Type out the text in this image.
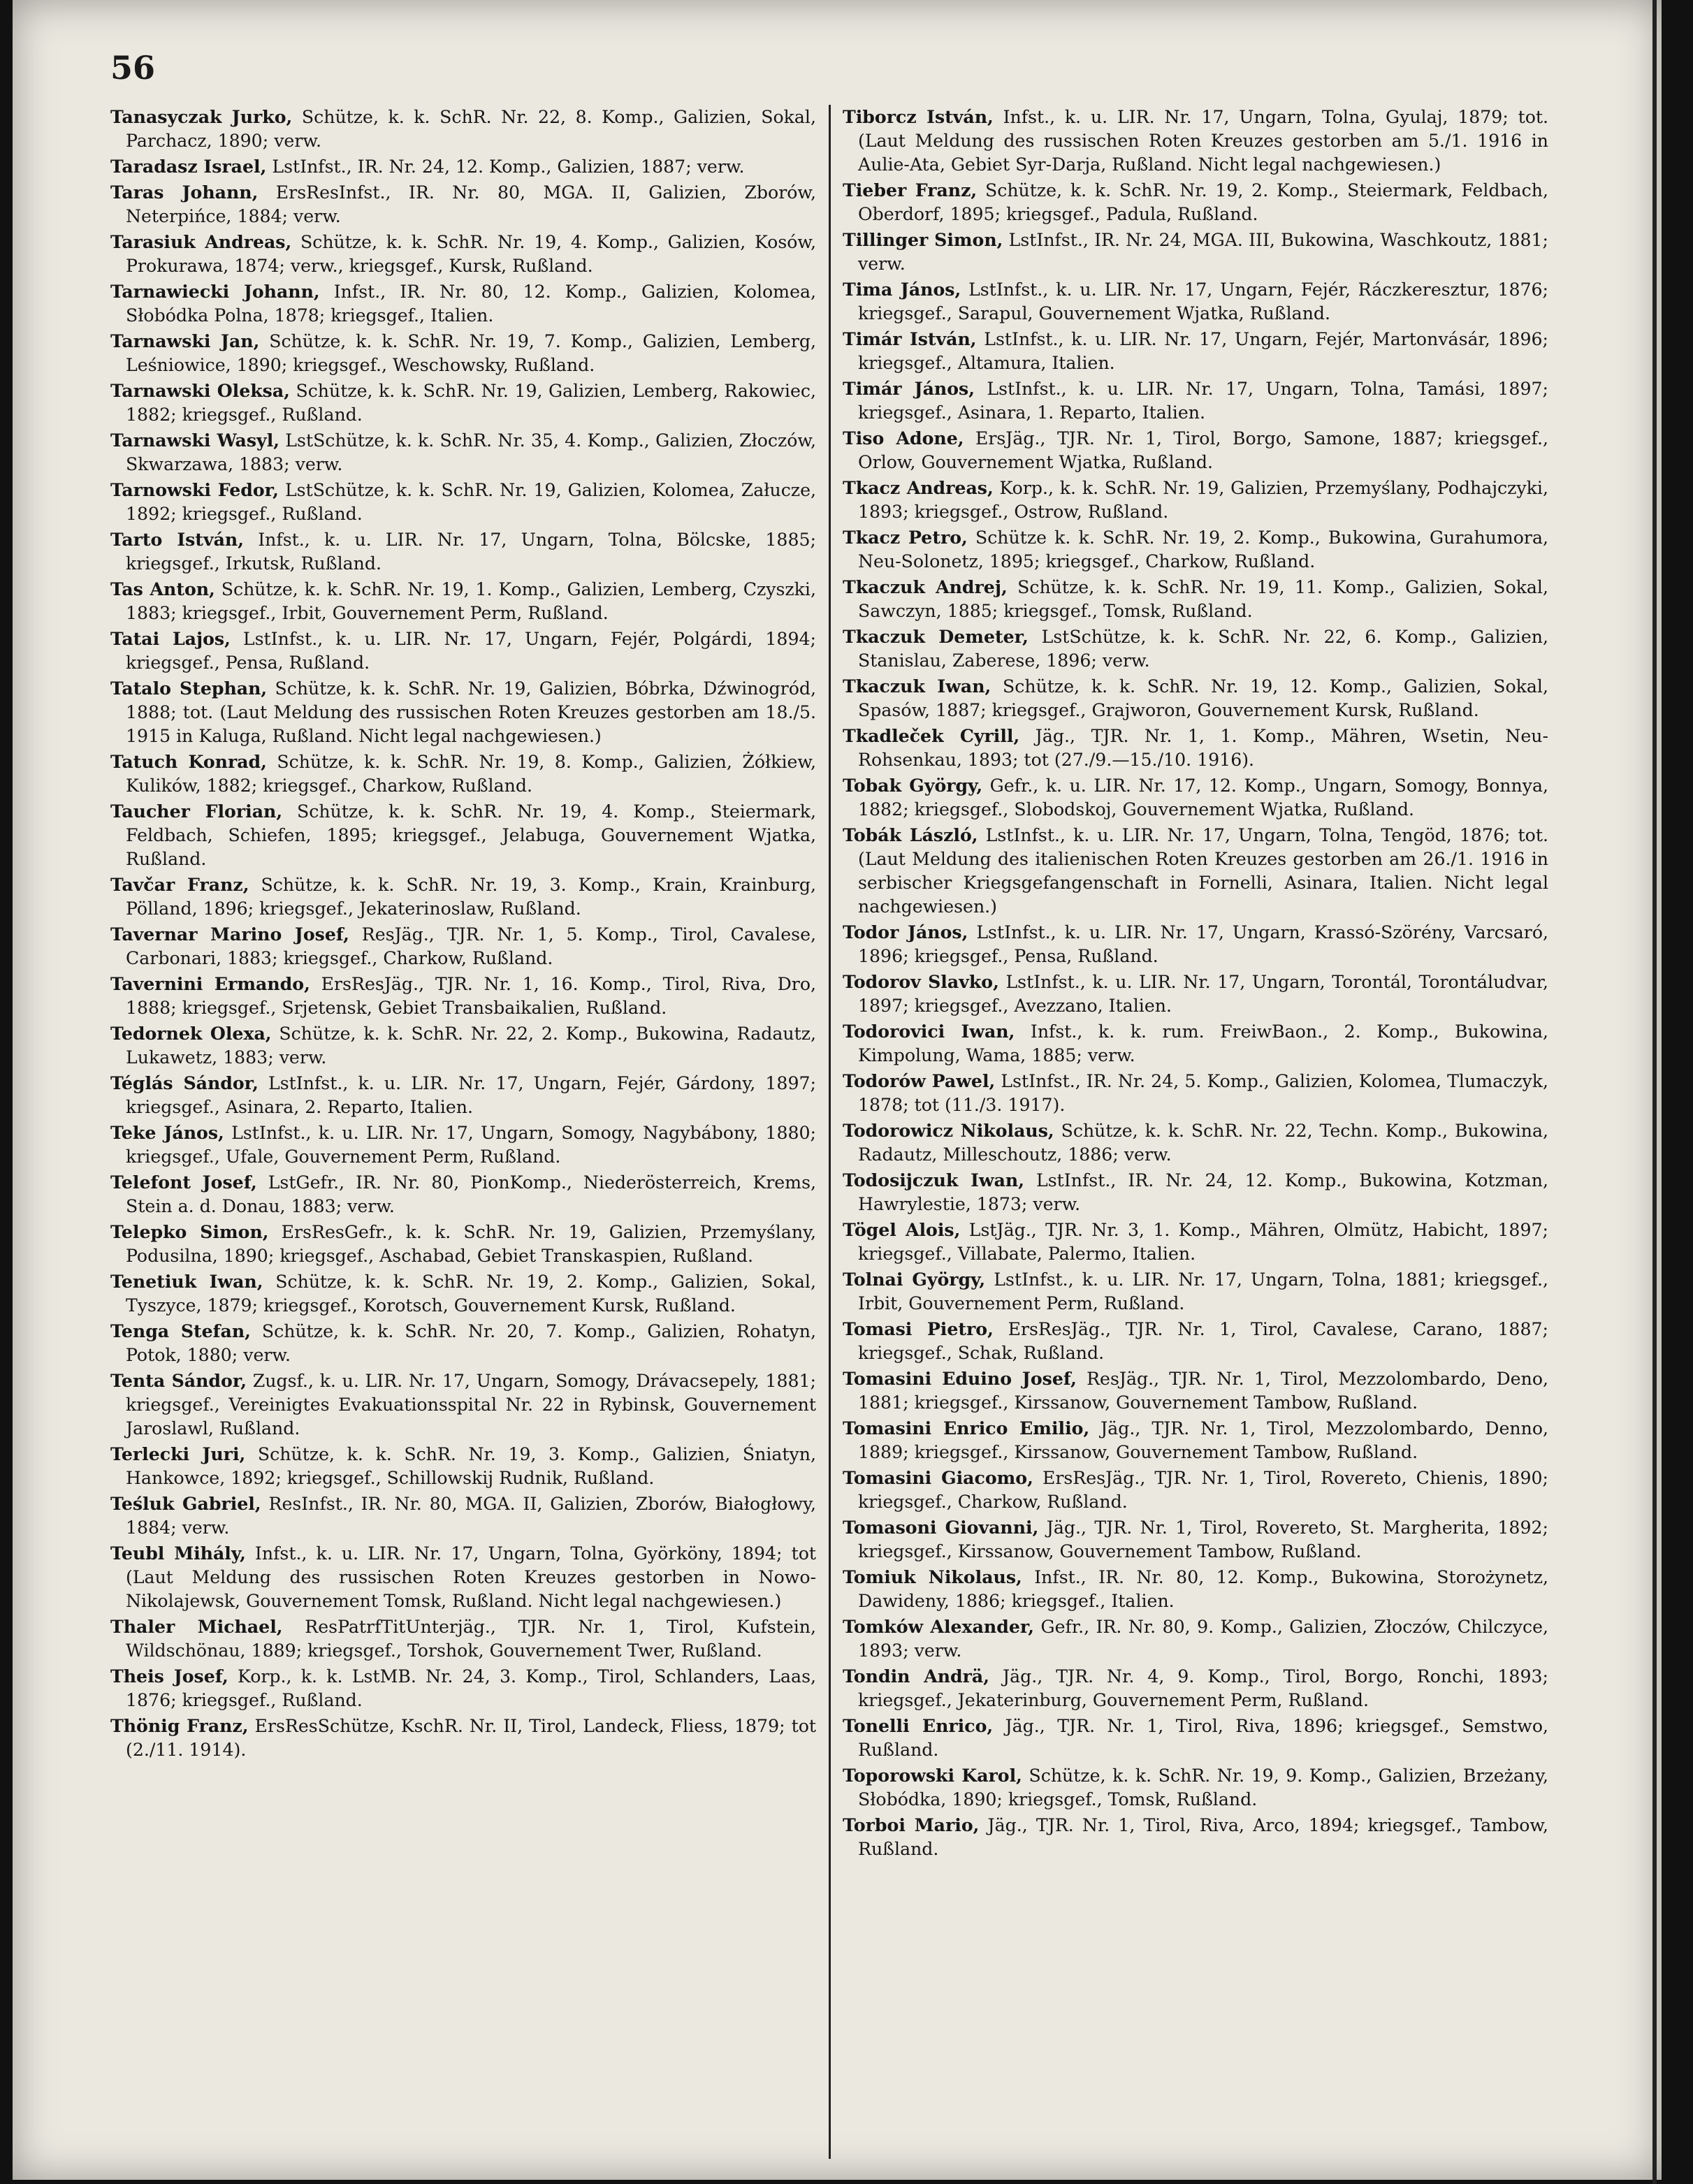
56

Tanasyczak Jurko, Schütze, k. k. SchR. Nr. 22, 8. Komp., Galizien, Sokal, Parchacz, 1890; verw.

Taradasz Israel, LstInfst., IR. Nr. 24, 12. Komp., Galizien, 1887; verw.

Taras Johann, ErsResInfst., IR. Nr. 80, MGA. II, Galizien, Zborów, Neterpińce, 1884; verw.

Tarasiuk Andreas, Schütze, k. k. SchR. Nr. 19, 4. Komp., Galizien, Kosów, Prokurawa, 1874; verw., kriegsgef., Kursk, Rußland.

Tarnawiecki Johann, Infst., IR. Nr. 80, 12. Komp., Galizien, Kolomea, Słobódka Polna, 1878; kriegsgef., Italien.

Tarnawski Jan, Schütze, k. k. SchR. Nr. 19, 7. Komp., Galizien, Lemberg, Leśniowice, 1890; kriegsgef., Weschowsky, Rußland.

Tarnawski Oleksa, Schütze, k. k. SchR. Nr. 19, Galizien, Lemberg, Rakowiec, 1882; kriegsgef., Rußland.

Tarnawski Wasyl, LstSchütze, k. k. SchR. Nr. 35, 4. Komp., Galizien, Złoczów, Skwarzawa, 1883; verw.

Tarnowski Fedor, LstSchütze, k. k. SchR. Nr. 19, Galizien, Kolomea, Załucze, 1892; kriegsgef., Rußland.

Tarto István, Infst., k. u. LIR. Nr. 17, Ungarn, Tolna, Bölcske, 1885; kriegsgef., Irkutsk, Rußland.

Tas Anton, Schütze, k. k. SchR. Nr. 19, 1. Komp., Galizien, Lemberg, Czyszki, 1883; kriegsgef., Irbit, Gouvernement Perm, Rußland.

Tatai Lajos, LstInfst., k. u. LIR. Nr. 17, Ungarn, Fejér, Polgárdi, 1894; kriegsgef., Pensa, Rußland.

Tatalo Stephan, Schütze, k. k. SchR. Nr. 19, Galizien, Bóbrka, Dźwinogród, 1888; tot. (Laut Meldung des russischen Roten Kreuzes gestorben am 18./5. 1915 in Kaluga, Rußland. Nicht legal nachgewiesen.)

Tatuch Konrad, Schütze, k. k. SchR. Nr. 19, 8. Komp., Galizien, Żółkiew, Kulików, 1882; kriegsgef., Charkow, Rußland.

Taucher Florian, Schütze, k. k. SchR. Nr. 19, 4. Komp., Steiermark, Feldbach, Schiefen, 1895; kriegsgef., Jelabuga, Gouvernement Wjatka, Rußland.

Tavčar Franz, Schütze, k. k. SchR. Nr. 19, 3. Komp., Krain, Krainburg, Pölland, 1896; kriegsgef., Jekaterinoslaw, Rußland.

Tavernar Marino Josef, ResJäg., TJR. Nr. 1, 5. Komp., Tirol, Cavalese, Carbonari, 1883; kriegsgef., Charkow, Rußland.

Tavernini Ermando, ErsResJäg., TJR. Nr. 1, 16. Komp., Tirol, Riva, Dro, 1888; kriegsgef., Srjetensk, Gebiet Transbaikalien, Rußland.

Tedornek Olexa, Schütze, k. k. SchR. Nr. 22, 2. Komp., Bukowina, Radautz, Lukawetz, 1883; verw.

Téglás Sándor, LstInfst., k. u. LIR. Nr. 17, Ungarn, Fejér, Gárdony, 1897; kriegsgef., Asinara, 2. Reparto, Italien.

Teke János, LstInfst., k. u. LIR. Nr. 17, Ungarn, Somogy, Nagybábony, 1880; kriegsgef., Ufale, Gouvernement Perm, Rußland.

Telefont Josef, LstGefr., IR. Nr. 80, PionKomp., Niederösterreich, Krems, Stein a. d. Donau, 1883; verw.

Telepko Simon, ErsResGefr., k. k. SchR. Nr. 19, Galizien, Przemyślany, Podusilna, 1890; kriegsgef., Aschabad, Gebiet Transkaspien, Rußland.

Tenetiuk Iwan, Schütze, k. k. SchR. Nr. 19, 2. Komp., Galizien, Sokal, Tyszyce, 1879; kriegsgef., Korotsch, Gouvernement Kursk, Rußland.

Tenga Stefan, Schütze, k. k. SchR. Nr. 20, 7. Komp., Galizien, Rohatyn, Potok, 1880; verw.

Tenta Sándor, Zugsf., k. u. LIR. Nr. 17, Ungarn, Somogy, Drávacsepely, 1881; kriegsgef., Vereinigtes Evakuationsspital Nr. 22 in Rybinsk, Gouvernement Jaroslawl, Rußland.

Terlecki Juri, Schütze, k. k. SchR. Nr. 19, 3. Komp., Galizien, Śniatyn, Hankowce, 1892; kriegsgef., Schillowskij Rudnik, Rußland.

Teśluk Gabriel, ResInfst., IR. Nr. 80, MGA. II, Galizien, Zborów, Białogłowy, 1884; verw.

Teubl Mihály, Infst., k. u. LIR. Nr. 17, Ungarn, Tolna, Györköny, 1894; tot (Laut Meldung des russischen Roten Kreuzes gestorben in Nowo-Nikolajewsk, Gouvernement Tomsk, Rußland. Nicht legal nachgewiesen.)

Thaler Michael, ResPatrfTitUnterjäg., TJR. Nr. 1, Tirol, Kufstein, Wildschönau, 1889; kriegsgef., Torshok, Gouvernement Twer, Rußland.

Theis Josef, Korp., k. k. LstMB. Nr. 24, 3. Komp., Tirol, Schlanders, Laas, 1876; kriegsgef., Rußland.

Thönig Franz, ErsResSchütze, KschR. Nr. II, Tirol, Landeck, Fliess, 1879; tot (2./11. 1914).

Tiborcz István, Infst., k. u. LIR. Nr. 17, Ungarn, Tolna, Gyulaj, 1879; tot. (Laut Meldung des russischen Roten Kreuzes gestorben am 5./1. 1916 in Aulie-Ata, Gebiet Syr-Darja, Rußland. Nicht legal nachgewiesen.)

Tieber Franz, Schütze, k. k. SchR. Nr. 19, 2. Komp., Steiermark, Feldbach, Oberdorf, 1895; kriegsgef., Padula, Rußland.

Tillinger Simon, LstInfst., IR. Nr. 24, MGA. III, Bukowina, Waschkoutz, 1881; verw.

Tima János, LstInfst., k. u. LIR. Nr. 17, Ungarn, Fejér, Ráczkeresztur, 1876; kriegsgef., Sarapul, Gouvernement Wjatka, Rußland.

Timár István, LstInfst., k. u. LIR. Nr. 17, Ungarn, Fejér, Martonvásár, 1896; kriegsgef., Altamura, Italien.

Timár János, LstInfst., k. u. LIR. Nr. 17, Ungarn, Tolna, Tamási, 1897; kriegsgef., Asinara, 1. Reparto, Italien.

Tiso Adone, ErsJäg., TJR. Nr. 1, Tirol, Borgo, Samone, 1887; kriegsgef., Orlow, Gouvernement Wjatka, Rußland.

Tkacz Andreas, Korp., k. k. SchR. Nr. 19, Galizien, Przemyślany, Podhajczyki, 1893; kriegsgef., Ostrow, Rußland.

Tkacz Petro, Schütze k. k. SchR. Nr. 19, 2. Komp., Bukowina, Gurahumora, Neu-Solonetz, 1895; kriegsgef., Charkow, Rußland.

Tkaczuk Andrej, Schütze, k. k. SchR. Nr. 19, 11. Komp., Galizien, Sokal, Sawczyn, 1885; kriegsgef., Tomsk, Rußland.

Tkaczuk Demeter, LstSchütze, k. k. SchR. Nr. 22, 6. Komp., Galizien, Stanislau, Zaberese, 1896; verw.

Tkaczuk Iwan, Schütze, k. k. SchR. Nr. 19, 12. Komp., Galizien, Sokal, Spasów, 1887; kriegsgef., Grajworon, Gouvernement Kursk, Rußland.

Tkadleček Cyrill, Jäg., TJR. Nr. 1, 1. Komp., Mähren, Wsetin, Neu-Rohsenkau, 1893; tot (27./9.—15./10. 1916).

Tobak György, Gefr., k. u. LIR. Nr. 17, 12. Komp., Ungarn, Somogy, Bonnya, 1882; kriegsgef., Slobodskoj, Gouvernement Wjatka, Rußland.

Tobák László, LstInfst., k. u. LIR. Nr. 17, Ungarn, Tolna, Tengöd, 1876; tot. (Laut Meldung des italienischen Roten Kreuzes gestorben am 26./1. 1916 in serbischer Kriegsgefangenschaft in Fornelli, Asinara, Italien. Nicht legal nachgewiesen.)

Todor János, LstInfst., k. u. LIR. Nr. 17, Ungarn, Krassó-Szörény, Varcsaró, 1896; kriegsgef., Pensa, Rußland.

Todorov Slavko, LstInfst., k. u. LIR. Nr. 17, Ungarn, Torontál, Torontáludvar, 1897; kriegsgef., Avezzano, Italien.

Todorovici Iwan, Infst., k. k. rum. FreiwBaon., 2. Komp., Bukowina, Kimpolung, Wama, 1885; verw.

Todorów Pawel, LstInfst., IR. Nr. 24, 5. Komp., Galizien, Kolomea, Tlumaczyk, 1878; tot (11./3. 1917).

Todorowicz Nikolaus, Schütze, k. k. SchR. Nr. 22, Techn. Komp., Bukowina, Radautz, Milleschoutz, 1886; verw.

Todosijczuk Iwan, LstInfst., IR. Nr. 24, 12. Komp., Bukowina, Kotzman, Hawrylestie, 1873; verw.

Tögel Alois, LstJäg., TJR. Nr. 3, 1. Komp., Mähren, Olmütz, Habicht, 1897; kriegsgef., Villabate, Palermo, Italien.

Tolnai György, LstInfst., k. u. LIR. Nr. 17, Ungarn, Tolna, 1881; kriegsgef., Irbit, Gouvernement Perm, Rußland.

Tomasi Pietro, ErsResJäg., TJR. Nr. 1, Tirol, Cavalese, Carano, 1887; kriegsgef., Schak, Rußland.

Tomasini Eduino Josef, ResJäg., TJR. Nr. 1, Tirol, Mezzolombardo, Deno, 1881; kriegsgef., Kirssanow, Gouvernement Tambow, Rußland.

Tomasini Enrico Emilio, Jäg., TJR. Nr. 1, Tirol, Mezzolombardo, Denno, 1889; kriegsgef., Kirssanow, Gouvernement Tambow, Rußland.

Tomasini Giacomo, ErsResJäg., TJR. Nr. 1, Tirol, Rovereto, Chienis, 1890; kriegsgef., Charkow, Rußland.

Tomasoni Giovanni, Jäg., TJR. Nr. 1, Tirol, Rovereto, St. Margherita, 1892; kriegsgef., Kirssanow, Gouvernement Tambow, Rußland.

Tomiuk Nikolaus, Infst., IR. Nr. 80, 12. Komp., Bukowina, Storożynetz, Dawideny, 1886; kriegsgef., Italien.

Tomków Alexander, Gefr., IR. Nr. 80, 9. Komp., Galizien, Złoczów, Chilczyce, 1893; verw.

Tondin Andrä, Jäg., TJR. Nr. 4, 9. Komp., Tirol, Borgo, Ronchi, 1893; kriegsgef., Jekaterinburg, Gouvernement Perm, Rußland.

Tonelli Enrico, Jäg., TJR. Nr. 1, Tirol, Riva, 1896; kriegsgef., Semstwo, Rußland.

Toporowski Karol, Schütze, k. k. SchR. Nr. 19, 9. Komp., Galizien, Brzeżany, Słobódka, 1890; kriegsgef., Tomsk, Rußland.

Torboi Mario, Jäg., TJR. Nr. 1, Tirol, Riva, Arco, 1894; kriegsgef., Tambow, Rußland.
